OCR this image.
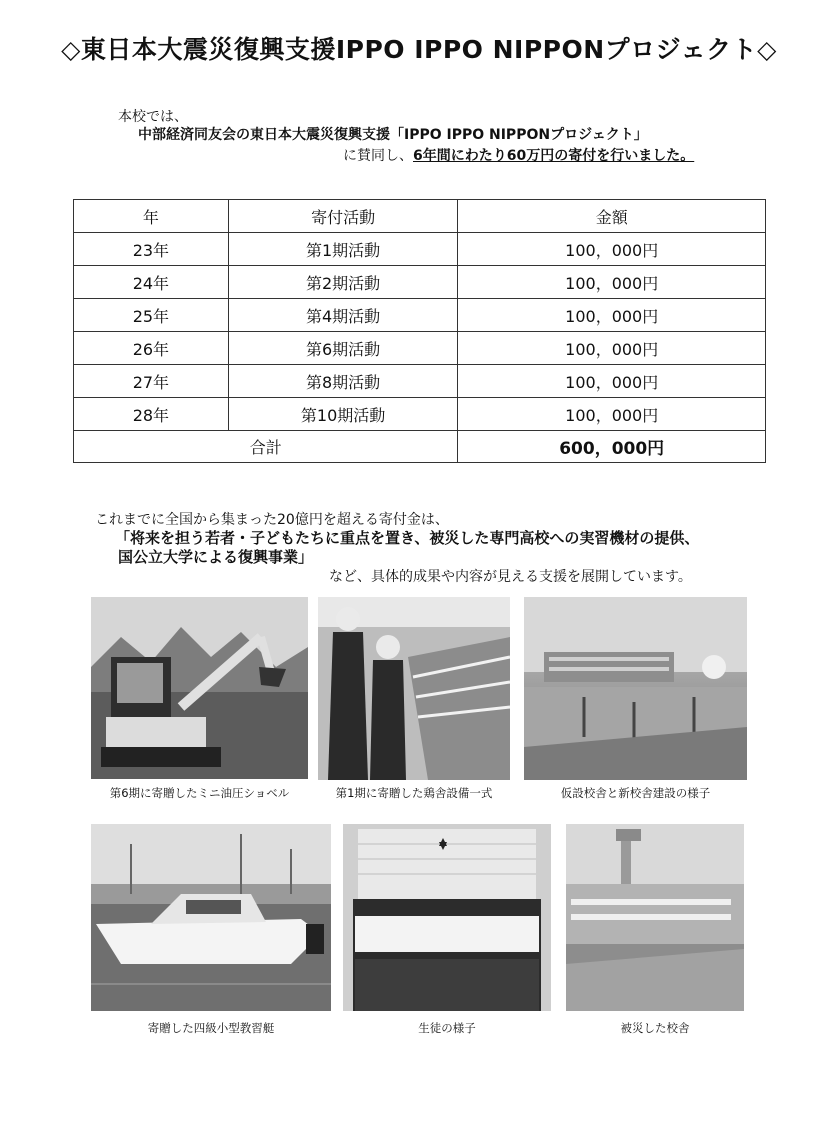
◇東日本大震災復興支援IPPO IPPO NIPPONプロジェクト◇
本校では、
中部経済同友会の東日本大震災復興支援「IPPO IPPO NIPPONプロジェクト」
に賛同し、6年間にわたり60万円の寄付を行いました。
年	寄付活動	金額
23年	第1期活動	100，000円
24年	第2期活動	100，000円
25年	第4期活動	100，000円
26年	第6期活動	100，000円
27年	第8期活動	100，000円
28年	第10期活動	100，000円
合計		600，000円
これまでに全国から集まった20億円を超える寄付金は、
「将来を担う若者・子どもたちに重点を置き、被災した専門高校への実習機材の提供、
国公立大学による復興事業」
など、具体的成果や内容が見える支援を展開しています。
第6期に寄贈したミニ油圧ショベル	第1期に寄贈した鶏舎設備一式	仮設校舎と新校舎建設の様子
寄贈した四級小型教習艇	生徒の様子	被災した校舎
